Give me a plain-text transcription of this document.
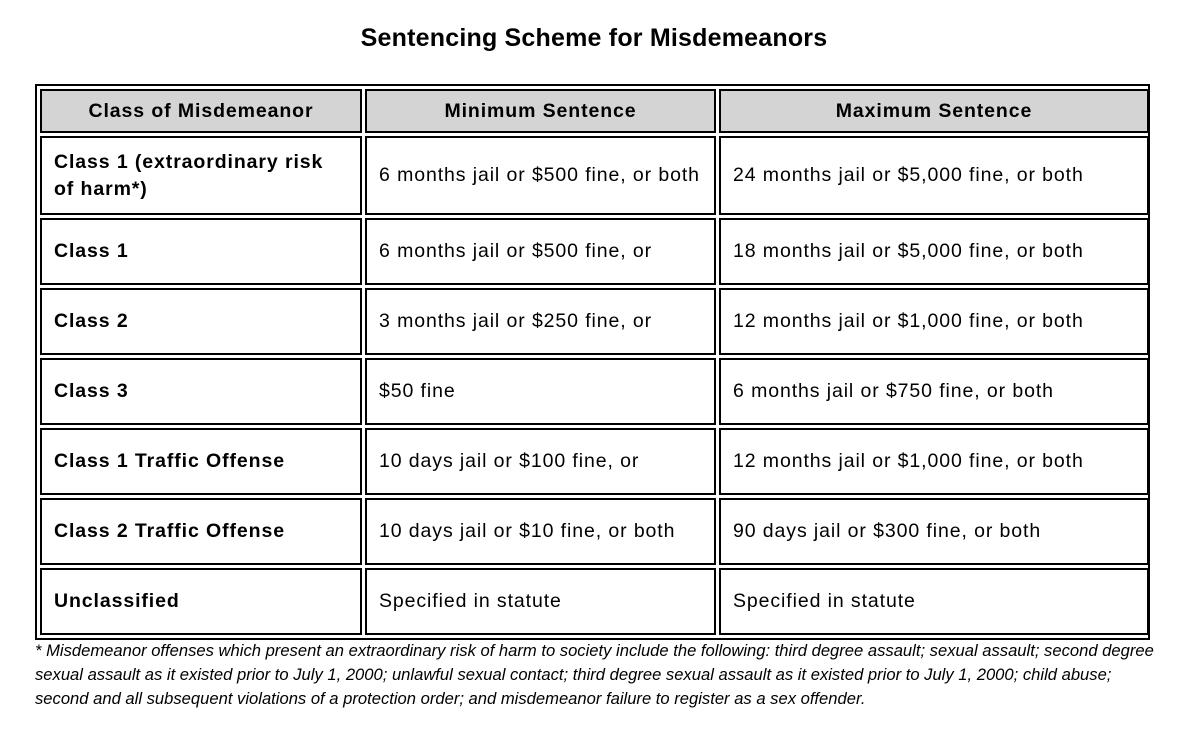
Sentencing Scheme for Misdemeanors
Class of Misdemeanor	Minimum Sentence	Maximum Sentence
Class 1 (extraordinary risk of harm*)	6 months jail or $500 fine, or both	24 months jail or $5,000 fine, or both
Class 1	6 months jail or $500 fine, or	18 months jail or $5,000 fine, or both
Class 2	3 months jail or $250 fine, or	12 months jail or $1,000 fine, or both
Class 3	$50 fine	6 months jail or $750 fine, or both
Class 1 Traffic Offense	10 days jail or $100 fine, or	12 months jail or $1,000 fine, or both
Class 2 Traffic Offense	10 days jail or $10 fine, or both	90 days jail or $300 fine, or both
Unclassified	Specified in statute	Specified in statute
* Misdemeanor offenses which present an extraordinary risk of harm to society include the following: third degree assault; sexual assault; second degree sexual assault as it existed prior to July 1, 2000; unlawful sexual contact; third degree sexual assault as it existed prior to July 1, 2000; child abuse; second and all subsequent violations of a protection order; and misdemeanor failure to register as a sex offender.
